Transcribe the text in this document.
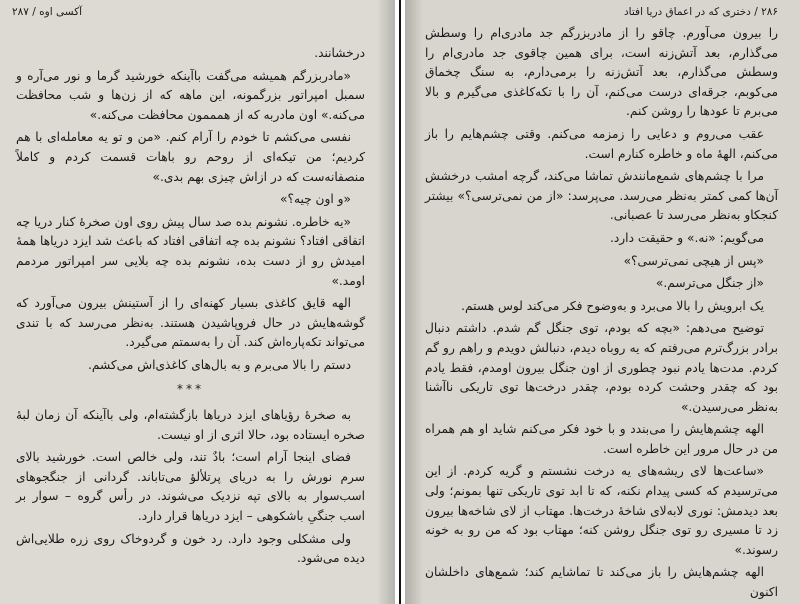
آکسی اوه / ۲۸۷

درخشانند.

«مادربزرگم همیشه می‌گفت باآینکه خورشید گرما و نور می‌آره و سمبل امپراتور بزرگمونه، این ماهه که از زن‌ها و شب محافظت می‌کنه.» اون مادربه که از همممون محافظت می‌کنه.»

نفسی می‌کشم تا خودم را آرام کنم. «من و تو یه معامله‌ای با هم کردیم؛ من تیکه‌ای از روحم رو باهات قسمت کردم و کاملاً منصفانه‌ست که در ازاش چیزی بهم بدی.»

«و اون چیه؟»

«یه خاطره. نشونم بده صد سال پیش روی اون صخرهٔ کنار دریا چه اتفاقی افتاد؟ نشونم بده چه اتفاقی افتاد که باعث شد ایزد دریاها همهٔ امیدش رو از دست بده، نشونم بده چه بلایی سر امپراتور مردمم اومد.»

الهه قایق کاغذی بسیار کهنه‌ای را از آستینش بیرون می‌آورد که گوشه‌هایش در حال فروپاشیدن هستند. به‌نظر می‌رسد که با تندی می‌تواند تکه‌پاره‌اش کند. آن را به‌سمتم می‌گیرد.

دستم را بالا می‌برم و به بال‌های کاغذی‌اش می‌کشم.

***

به صخرهٔ رؤیاهای ایزد دریاها بازگشته‌ام، ولی باآینکه آن زمان لبهٔ صخره ایستاده بود، حالا اثری از او نیست.

فضای اینجا آرام است؛ بادٌ تند، ولی خالص است. خورشید بالای سرم نورش را به دریای پرتلألؤ می‌تاباند. گردانی از جنگجوهای اسب‌سوار به بالای تپه نزدیک می‌شوند. در رأس گروه – سوار بر اسب جنگیِ باشکوهی – ایزد دریاها قرار دارد.

ولی مشکلی وجود دارد. رد خون و گردوخاک روی زره طلایی‌اش دیده می‌شود.

۲۸۶ / دختری که در اعماق دریا افتاد

را بیرون می‌آورم. چاقو را از مادربزرگم جد مادری‌ام را وسطش می‌گذارم، بعد آتش‌زنه است، برای همین چاقوی جد مادری‌ام را وسطش می‌گذارم، بعد آتش‌زنه را برمی‌دارم، به سنگ چخماق می‌کوبم، جرقه‌ای درست می‌کنم، آن را با تکه‌کاغذی می‌گیرم و بالا می‌برم تا عودها را روشن کنم.

عقب می‌روم و دعایی را زمزمه می‌کنم. وقتی چشم‌هایم را باز می‌کنم، الههٔ ماه و خاطره کنارم است.

مرا با چشم‌های شمع‌مانندش تماشا می‌کند، گرچه امشب درخشش آن‌ها کمی کمتر به‌نظر می‌رسد. می‌پرسد: «از من نمی‌ترسی؟» بیشتر کنجکاو به‌نظر می‌رسد تا عصبانی.

می‌گویم: «نه.» و حقیقت دارد.

«پس از هیچی نمی‌ترسی؟»

«از جنگل می‌ترسم.»

یک ابرویش را بالا می‌برد و به‌وضوح فکر می‌کند لوس هستم.

توضیح می‌دهم: «بچه که بودم، توی جنگل گم شدم. داشتم دنبال برادر بزرگ‌ترم می‌رفتم که یه روباه دیدم، دنبالش دویدم و راهم رو گم کردم. مدت‌ها یادم نبود چطوری از اون جنگل بیرون اومدم، فقط یادم بود که چقدر وحشت کرده بودم، چقدر درخت‌ها توی تاریکی ناآشنا به‌نظر می‌رسیدن.»

الهه چشم‌هایش را می‌بندد و با خود فکر می‌کنم شاید او هم همراه من در حال مرور این خاطره است.

«ساعت‌ها لای ریشه‌های یه درخت نشستم و گریه کردم. از این می‌ترسیدم که کسی پیدام نکنه، که تا ابد توی تاریکی تنها بمونم؛ ولی بعد دیدمش: نوری لابه‌لای شاخهٔ درخت‌ها. مهتاب از لای شاخه‌ها بیرون زد تا مسیری رو توی جنگل روشن کنه؛ مهتاب بود که من رو به خونه رسوند.»

الهه چشم‌هایش را باز می‌کند تا تماشایم کند؛ شمع‌های داخلشان اکنون
